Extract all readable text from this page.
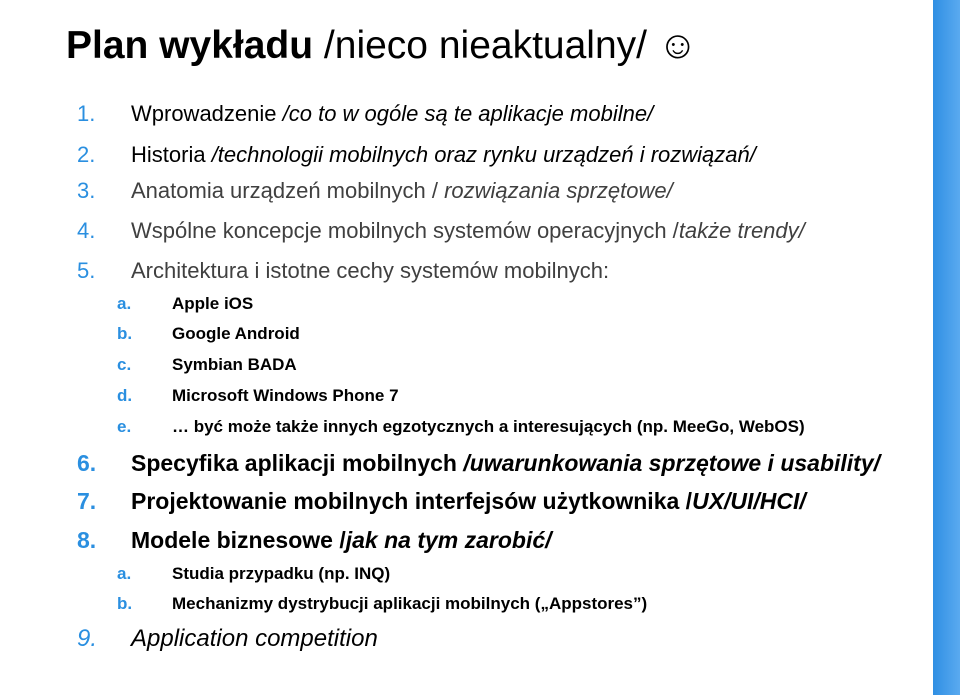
Plan wykładu /nieco nieaktualny/ ☺
1. Wprowadzenie /co to w ogóle są te aplikacje mobilne/
2. Historia /technologii mobilnych oraz rynku urządzeń i rozwiązań/
3. Anatomia urządzeń mobilnych / rozwiązania sprzętowe/
4. Wspólne koncepcje mobilnych systemów operacyjnych /także trendy/
5. Architektura i istotne cechy systemów mobilnych:
a. Apple iOS
b. Google Android
c. Symbian BADA
d. Microsoft Windows Phone 7
e. … być może także innych egzotycznych a interesujących (np. MeeGo, WebOS)
6. Specyfika aplikacji mobilnych /uwarunkowania sprzętowe i usability/
7. Projektowanie mobilnych interfejsów użytkownika /UX/UI/HCI/
8. Modele biznesowe /jak na tym zarobić/
a. Studia przypadku (np. INQ)
b. Mechanizmy dystrybucji aplikacji mobilnych („Appstores”)
9. Application competition
